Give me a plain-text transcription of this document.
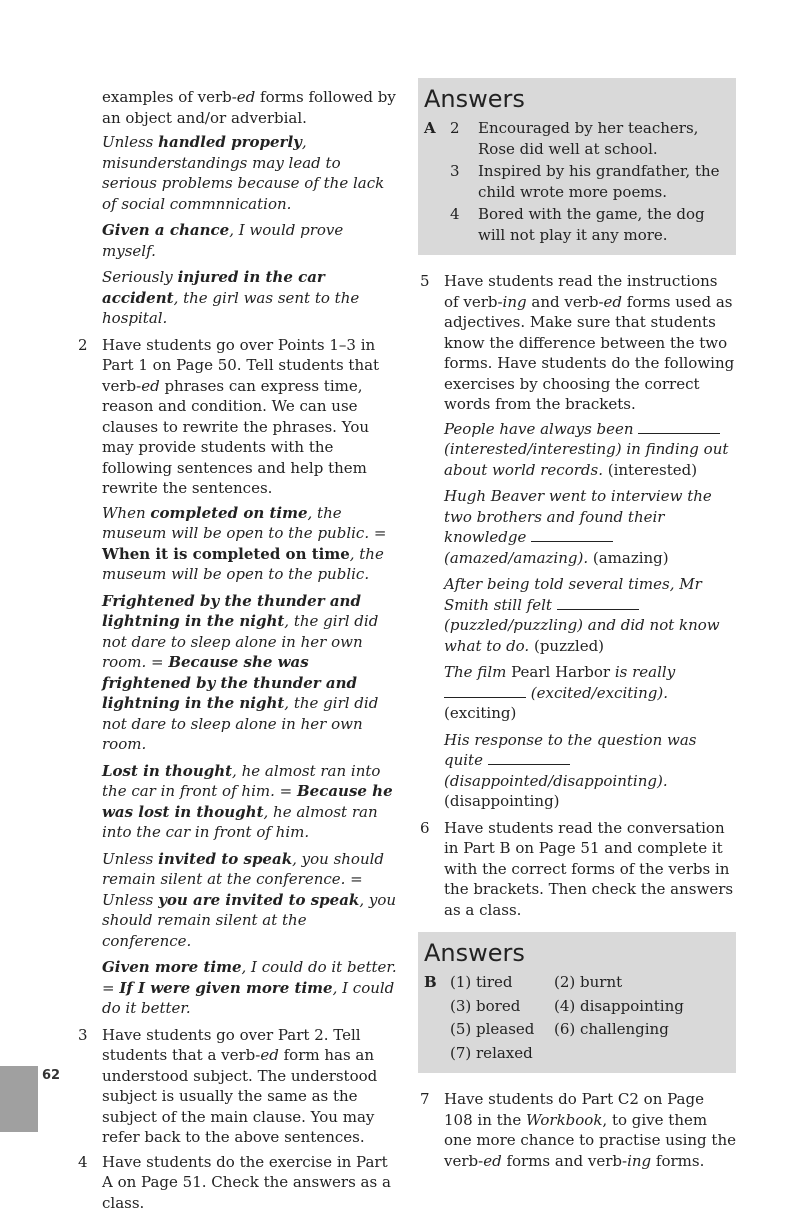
examples of verb-ed forms followed by an object and/or adverbial.

Unless handled properly, misunderstandings may lead to serious problems because of the lack of social commnnication.

Given a chance, I would prove myself.

Seriously injured in the car accident, the girl was sent to the hospital.

2 Have students go over Points 1–3 in Part 1 on Page 50. Tell students that verb-ed phrases can express time, reason and condition. We can use clauses to rewrite the phrases. You may provide students with the following sentences and help them rewrite the sentences.

When completed on time, the museum will be open to the public. = When it is completed on time, the museum will be open to the public.

Frightened by the thunder and lightning in the night, the girl did not dare to sleep alone in her own room. = Because she was frightened by the thunder and lightning in the night, the girl did not dare to sleep alone in her own room.

Lost in thought, he almost ran into the car in front of him. = Because he was lost in thought, he almost ran into the car in front of him.

Unless invited to speak, you should remain silent at the conference. = Unless you are invited to speak, you should remain silent at the conference.

Given more time, I could do it better. = If I were given more time, I could do it better.

3 Have students go over Part 2. Tell students that a verb-ed form has an understood subject. The understood subject is usually the same as the subject of the main clause. You may refer back to the above sentences.
4 Have students do the exercise in Part A on Page 51. Check the answers as a class.
Answers
A 2	Encouraged by her teachers, Rose did well at school.
3	Inspired by his grandfather, the child wrote more poems.
4	Bored with the game, the dog will not play it any more.
5 Have students read the instructions of verb-ing and verb-ed forms used as adjectives. Make sure that students know the difference between the two forms. Have students do the following exercises by choosing the correct words from the brackets.

People have always been  (interested/interesting) in finding out about world records. (interested)

Hugh Beaver went to interview the two brothers and found their knowledge  (amazed/amazing). (amazing)

After being told several times, Mr Smith still felt  (puzzled/puzzling) and did not know what to do. (puzzled)

The film Pearl Harbor is really  (excited/exciting). (exciting)

His response to the question was quite  (disappointed/disappointing). (disappointing)

6 Have students read the conversation in Part B on Page 51 and complete it with the correct forms of the verbs in the brackets. Then check the answers as a class.
Answers
B (1) tired	(2) burnt
(3) bored	(4) disappointing
(5) pleased	(6) challenging
(7) relaxed
7 Have students do Part C2 on Page 108 in the Workbook, to give them one more chance to practise using the verb-ed forms and verb-ing forms.
62
